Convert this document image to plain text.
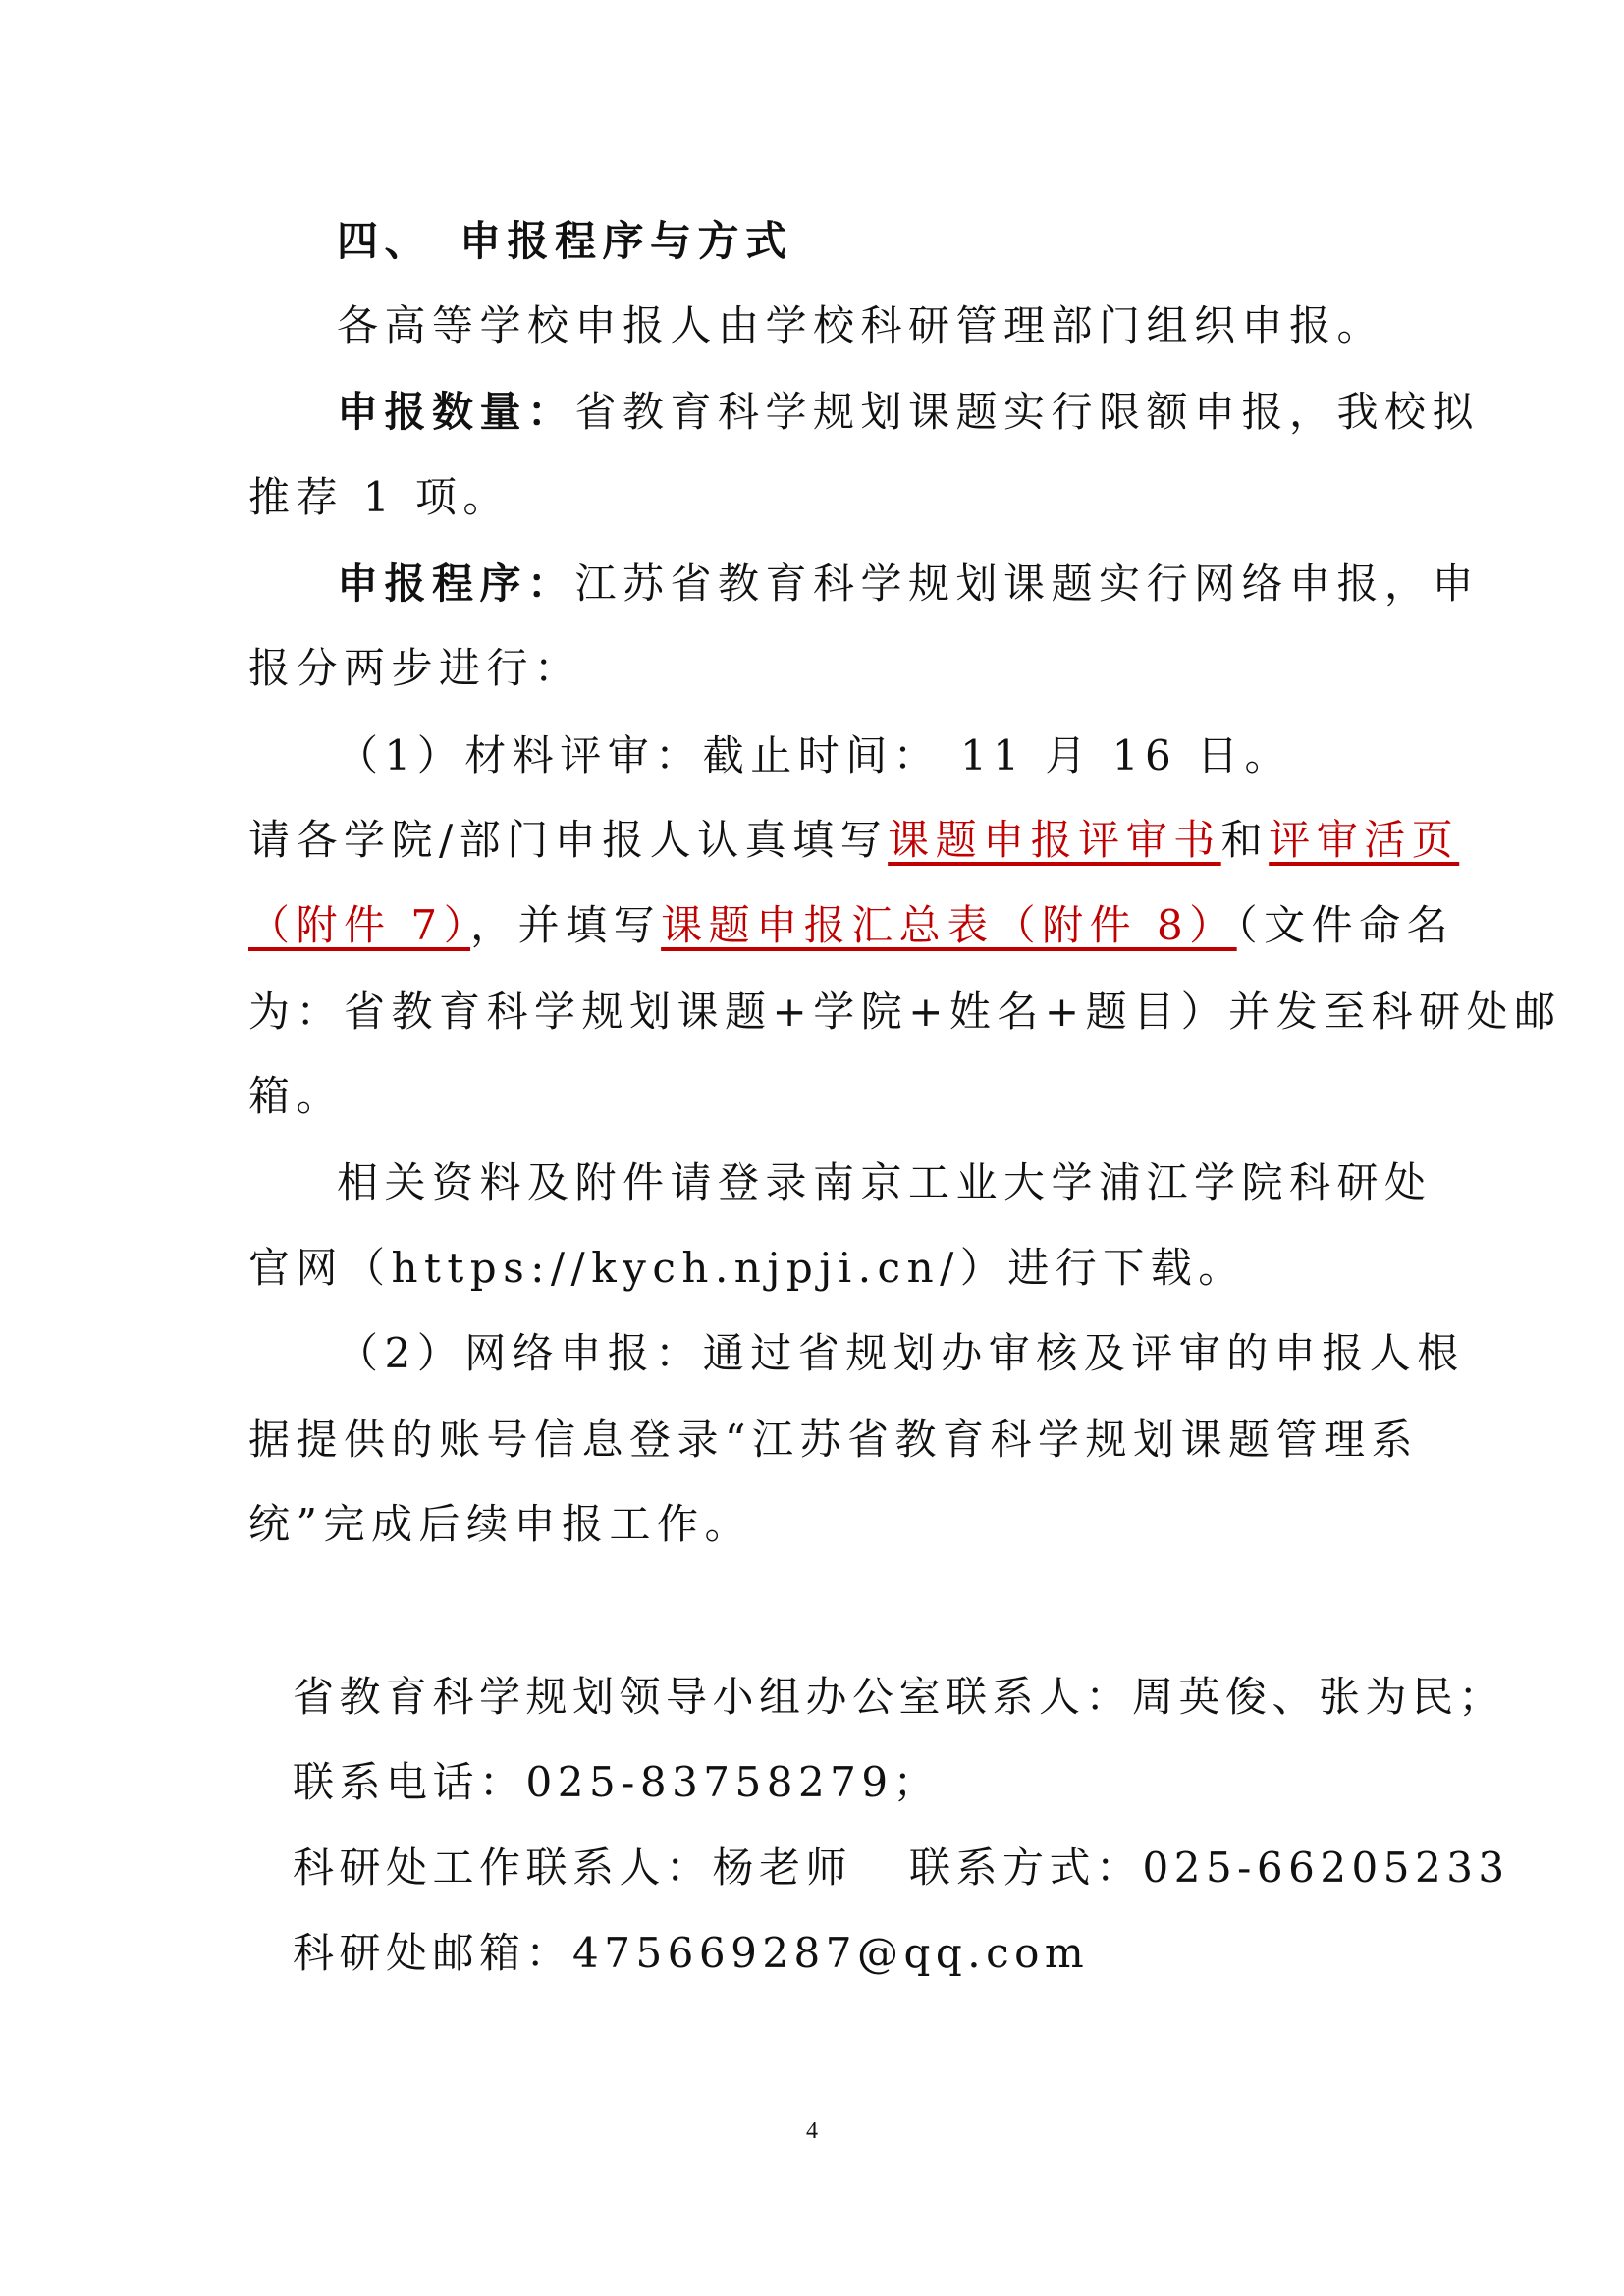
四、 申报程序与方式
各高等学校申报人由学校科研管理部门组织申报。
申报数量：省教育科学规划课题实行限额申报，我校拟
推荐 1 项。
申报程序：江苏省教育科学规划课题实行网络申报，申
报分两步进行：
（1）材料评审：截止时间： 11 月 16 日。
请各学院/部门申报人认真填写课题申报评审书和评审活页
（附件 7），并填写课题申报汇总表（附件 8）（文件命名
为：省教育科学规划课题+学院+姓名+题目）并发至科研处邮
箱。
相关资料及附件请登录南京工业大学浦江学院科研处
官网（https://kych.njpji.cn/）进行下载。
（2）网络申报：通过省规划办审核及评审的申报人根
据提供的账号信息登录“江苏省教育科学规划课题管理系
统”完成后续申报工作。
省教育科学规划领导小组办公室联系人：周英俊、张为民；
联系电话：025-83758279；
科研处工作联系人：杨老师 联系方式：025-66205233
科研处邮箱：475669287@qq.com
4
